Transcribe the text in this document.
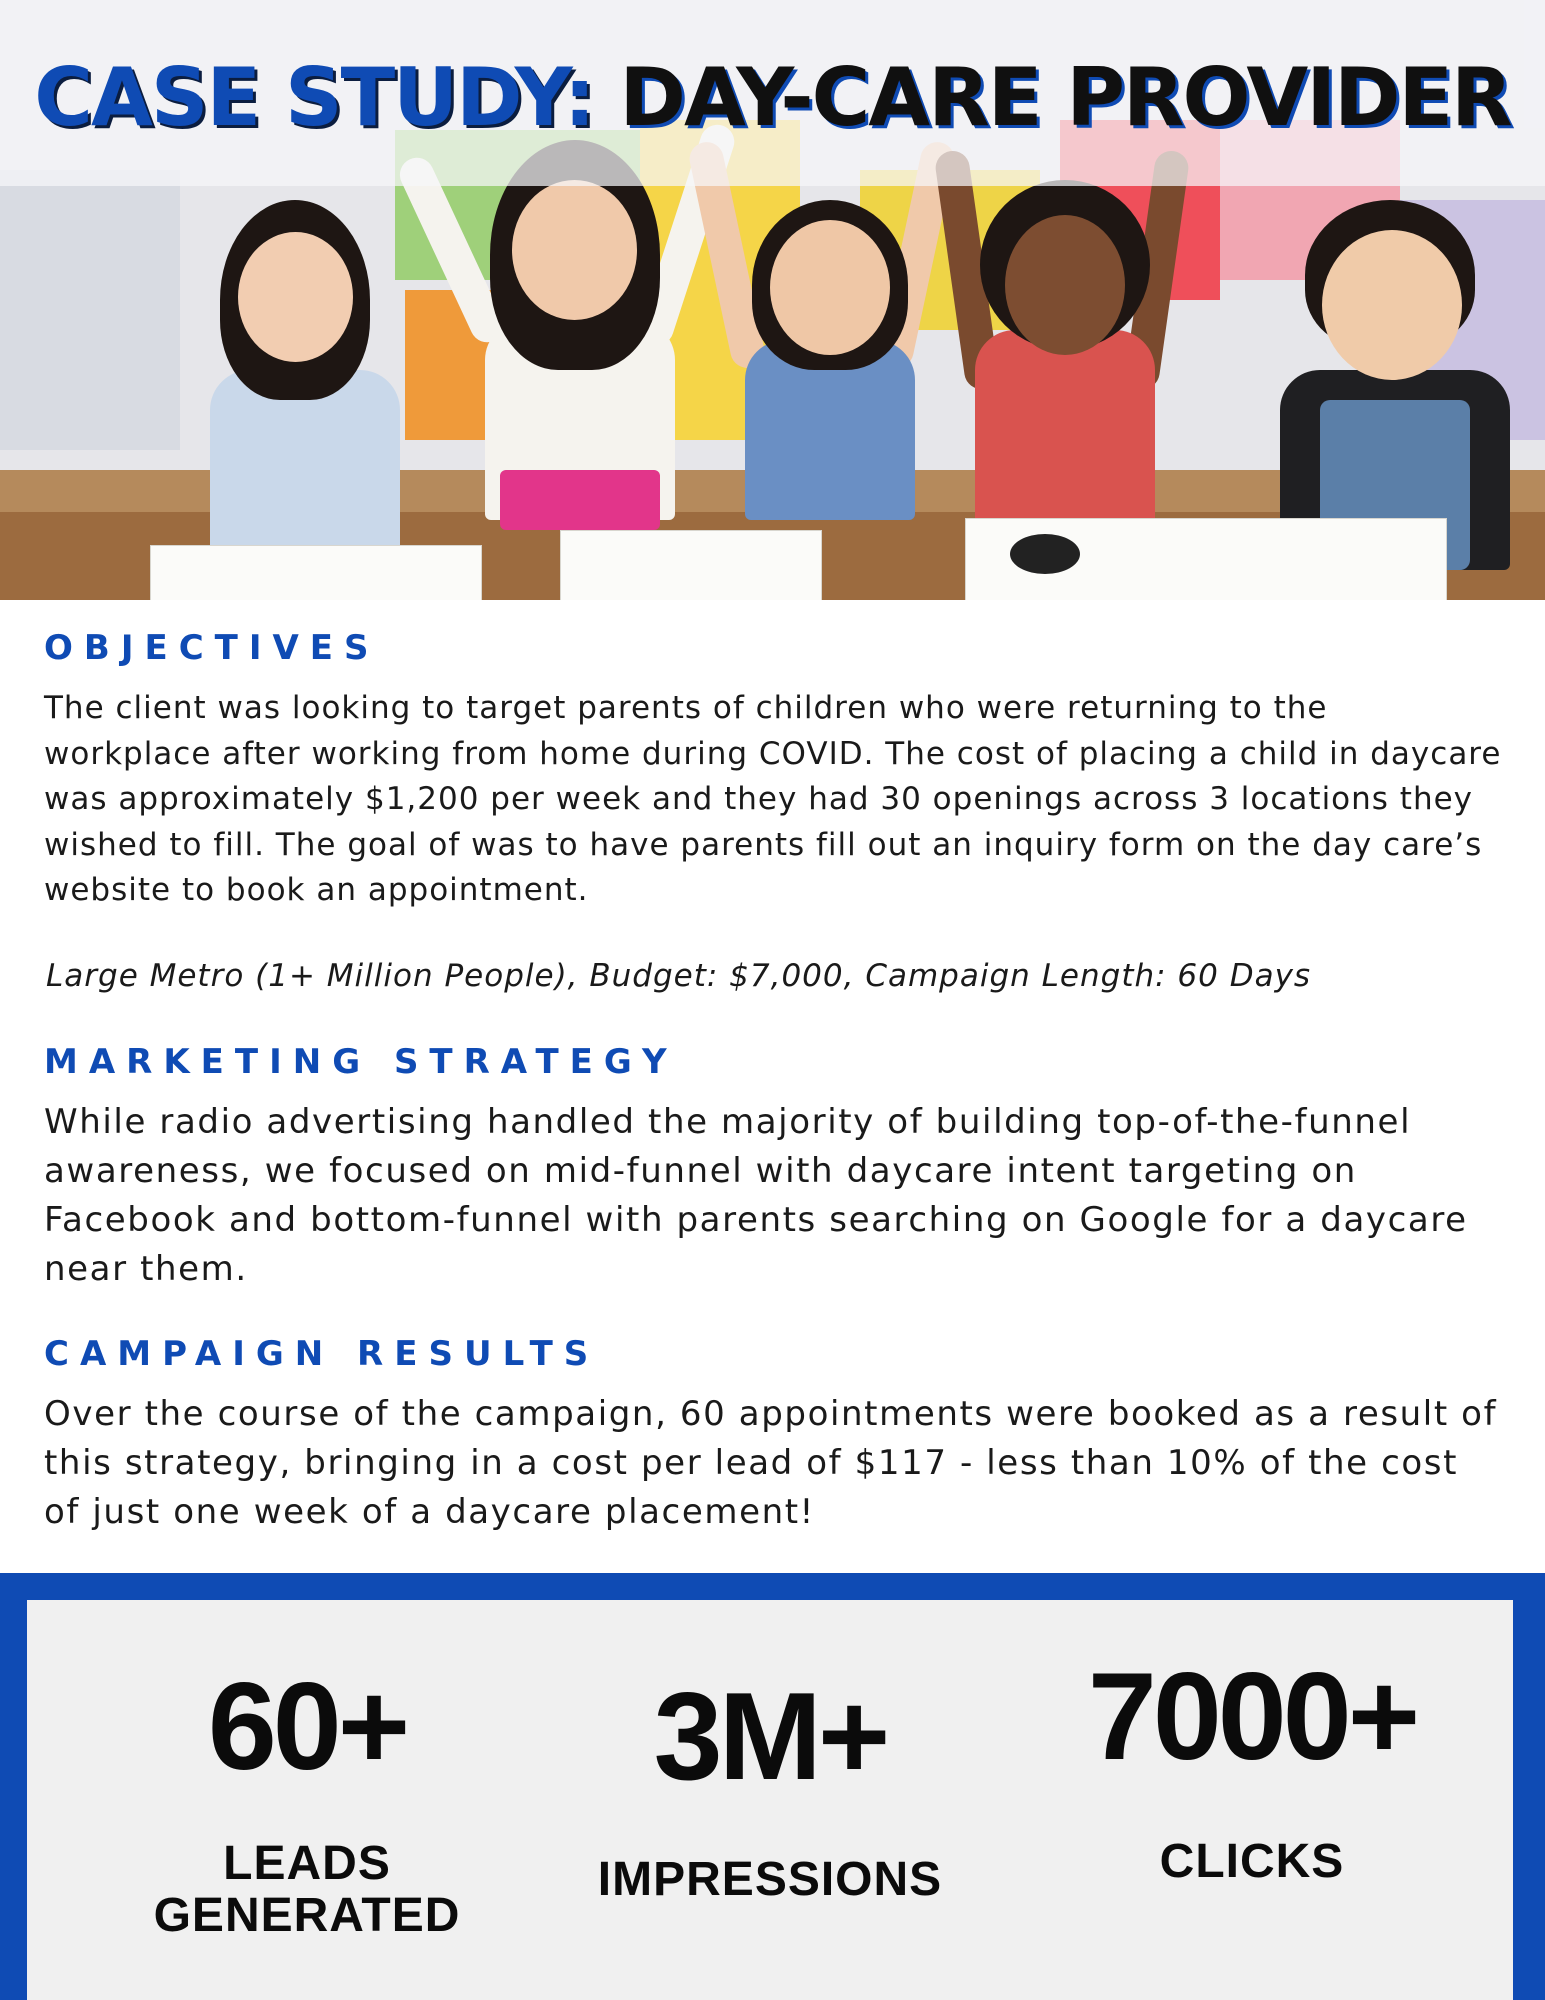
CASE STUDY: DAY-CARE PROVIDER
OBJECTIVES
The client was looking to target parents of children who were returning to the workplace after working from home during COVID. The cost of placing a child in daycare was approximately $1,200 per week and they had 30 openings across 3 locations they wished to fill. The goal of was to have parents fill out an inquiry form on the day care’s website to book an appointment.
Large Metro (1+ Million People), Budget: $7,000, Campaign Length: 60 Days
MARKETING STRATEGY
While radio advertising handled the majority of building top-of-the-funnel awareness, we focused on mid-funnel with daycare intent targeting on Facebook and bottom-funnel with parents searching on Google for a daycare near them.
CAMPAIGN RESULTS
Over the course of the campaign, 60 appointments were booked as a result of this strategy, bringing in a cost per lead of $117 - less than 10% of the cost of just one week of a daycare placement!
60+
LEADS GENERATED
3M+
IMPRESSIONS
7000+
CLICKS
